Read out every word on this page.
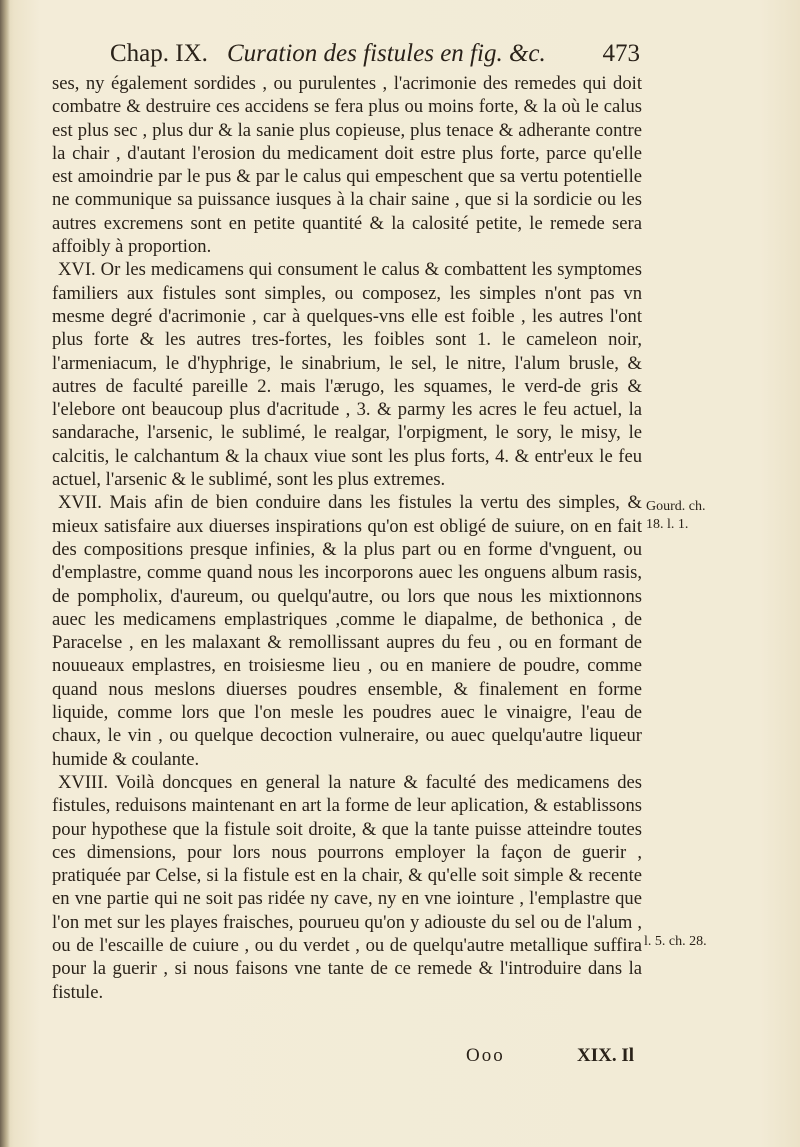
Chap. IX. Curation des fistules en fig. &c. 473

ses, ny également sordides , ou purulentes , l'acrimonie des remedes qui doit combatre & destruire ces accidens se fera plus ou moins forte, & la où le calus est plus sec , plus dur & la sanie plus copieuse, plus tenace & adherante contre la chair , d'autant l'erosion du medicament doit estre plus forte, parce qu'elle est amoindrie par le pus & par le calus qui empeschent que sa vertu potentielle ne communique sa puissance iusques à la chair saine , que si la sordicie ou les autres excremens sont en petite quantité & la calosité petite, le remede sera affoibly à proportion.

XVI. Or les medicamens qui consument le calus & combattent les symptomes familiers aux fistules sont simples, ou composez, les simples n'ont pas vn mesme degré d'acrimonie , car à quelques-vns elle est foible , les autres l'ont plus forte & les autres tres-fortes, les foibles sont 1. le cameleon noir, l'armeniacum, le d'hyphrige, le sinabrium, le sel, le nitre, l'alum brusle, & autres de faculté pareille 2. mais l'ærugo, les squames, le verd-de gris & l'elebore ont beaucoup plus d'acritude , 3. & parmy les acres le feu actuel, la sandarache, l'arsenic, le sublimé, le realgar, l'orpigment, le sory, le misy, le calcitis, le calchantum & la chaux viue sont les plus forts, 4. & entr'eux le feu actuel, l'arsenic & le sublimé, sont les plus extremes.

XVII. Mais afin de bien conduire dans les fistules la vertu des simples, & mieux satisfaire aux diuerses inspirations qu'on est obligé de suiure, on en fait des compositions presque infinies, & la plus part ou en forme d'vnguent, ou d'emplastre, comme quand nous les incorporons auec les onguens album rasis, de pompholix, d'aureum, ou quelqu'autre, ou lors que nous les mixtionnons auec les medicamens emplastriques ,comme le diapalme, de bethonica , de Paracelse , en les malaxant & remollissant aupres du feu , ou en formant de nouueaux emplastres, en troisiesme lieu , ou en maniere de poudre, comme quand nous meslons diuerses poudres ensemble, & finalement en forme liquide, comme lors que l'on mesle les poudres auec le vinaigre, l'eau de chaux, le vin , ou quelque decoction vulneraire, ou auec quelqu'autre liqueur humide & coulante.

XVIII. Voilà doncques en general la nature & faculté des medicamens des fistules, reduisons maintenant en art la forme de leur aplication, & establissons pour hypothese que la fistule soit droite, & que la tante puisse atteindre toutes ces dimensions, pour lors nous pourrons employer la façon de guerir , pratiquée par Celse, si la fistule est en la chair, & qu'elle soit simple & recente en vne partie qui ne soit pas ridée ny cave, ny en vne iointure , l'emplastre que l'on met sur les playes fraisches, pourueu qu'on y adiouste du sel ou de l'alum , ou de l'escaille de cuiure , ou du verdet , ou de quelqu'autre metallique suffira pour la guerir , si nous faisons vne tante de ce remede & l'introduire dans la fistule.

Gourd. ch.
18. l. 1.
l. 5. ch. 28.
Ooo	XIX. Il
